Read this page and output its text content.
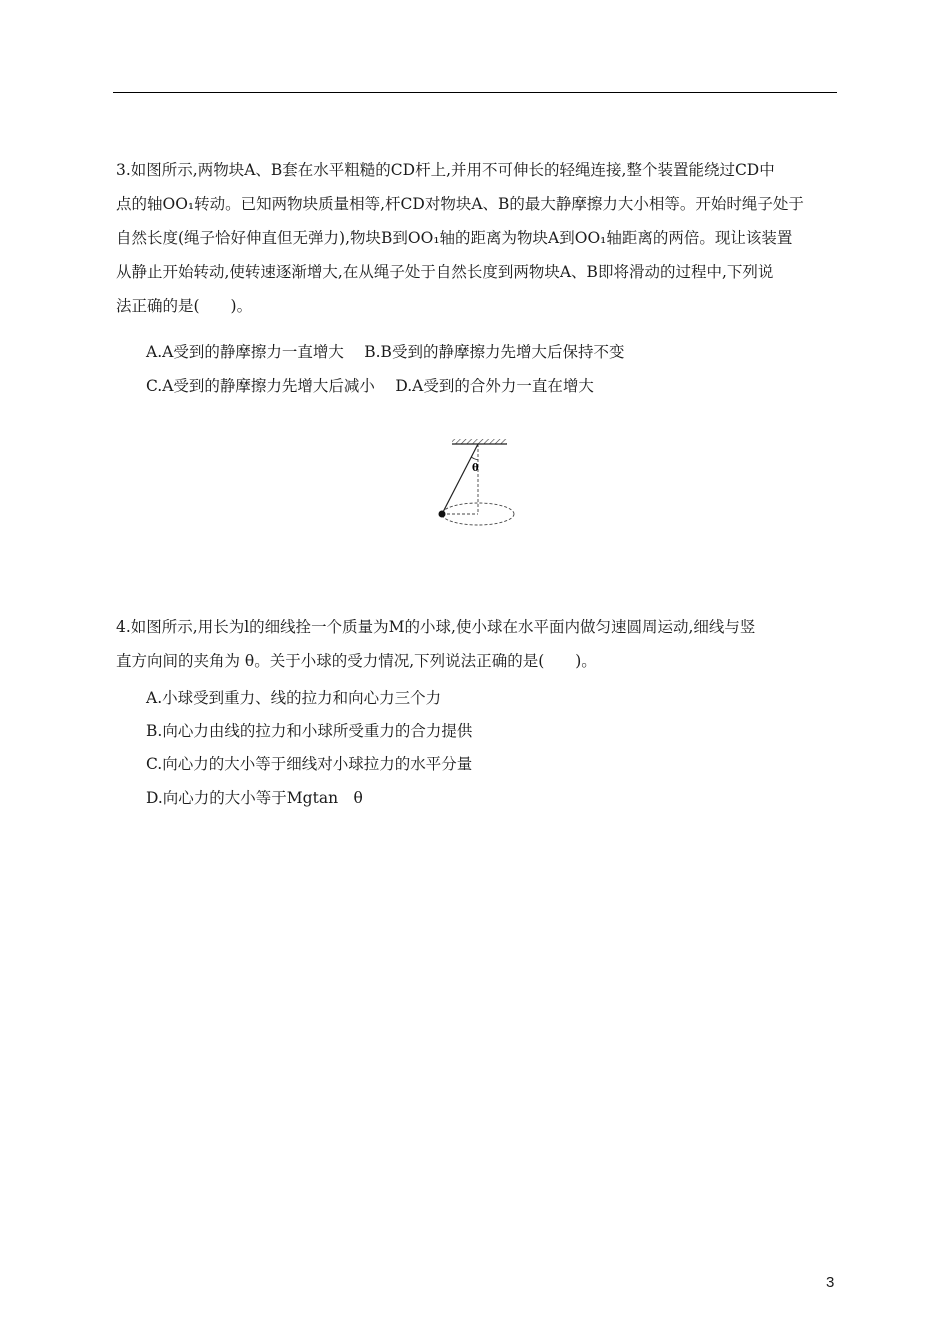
3.如图所示,两物块A、B套在水平粗糙的CD杆上,并用不可伸长的轻绳连接,整个装置能绕过CD中
点的轴OO₁转动。已知两物块质量相等,杆CD对物块A、B的最大静摩擦力大小相等。开始时绳子处于
自然长度(绳子恰好伸直但无弹力),物块B到OO₁轴的距离为物块A到OO₁轴距离的两倍。现让该装置
从静止开始转动,使转速逐渐增大,在从绳子处于自然长度到两物块A、B即将滑动的过程中,下列说
法正确的是(　　)。
A.A受到的静摩擦力一直增大　 B.B受到的静摩擦力先增大后保持不变
C.A受到的静摩擦力先增大后减小　 D.A受到的合外力一直在增大
θ
4.如图所示,用长为l的细线拴一个质量为M的小球,使小球在水平面内做匀速圆周运动,细线与竖
直方向间的夹角为 θ。关于小球的受力情况,下列说法正确的是(　　)。
A.小球受到重力、线的拉力和向心力三个力
B.向心力由线的拉力和小球所受重力的合力提供
C.向心力的大小等于细线对小球拉力的水平分量
D.向心力的大小等于Mgtan　θ
3
